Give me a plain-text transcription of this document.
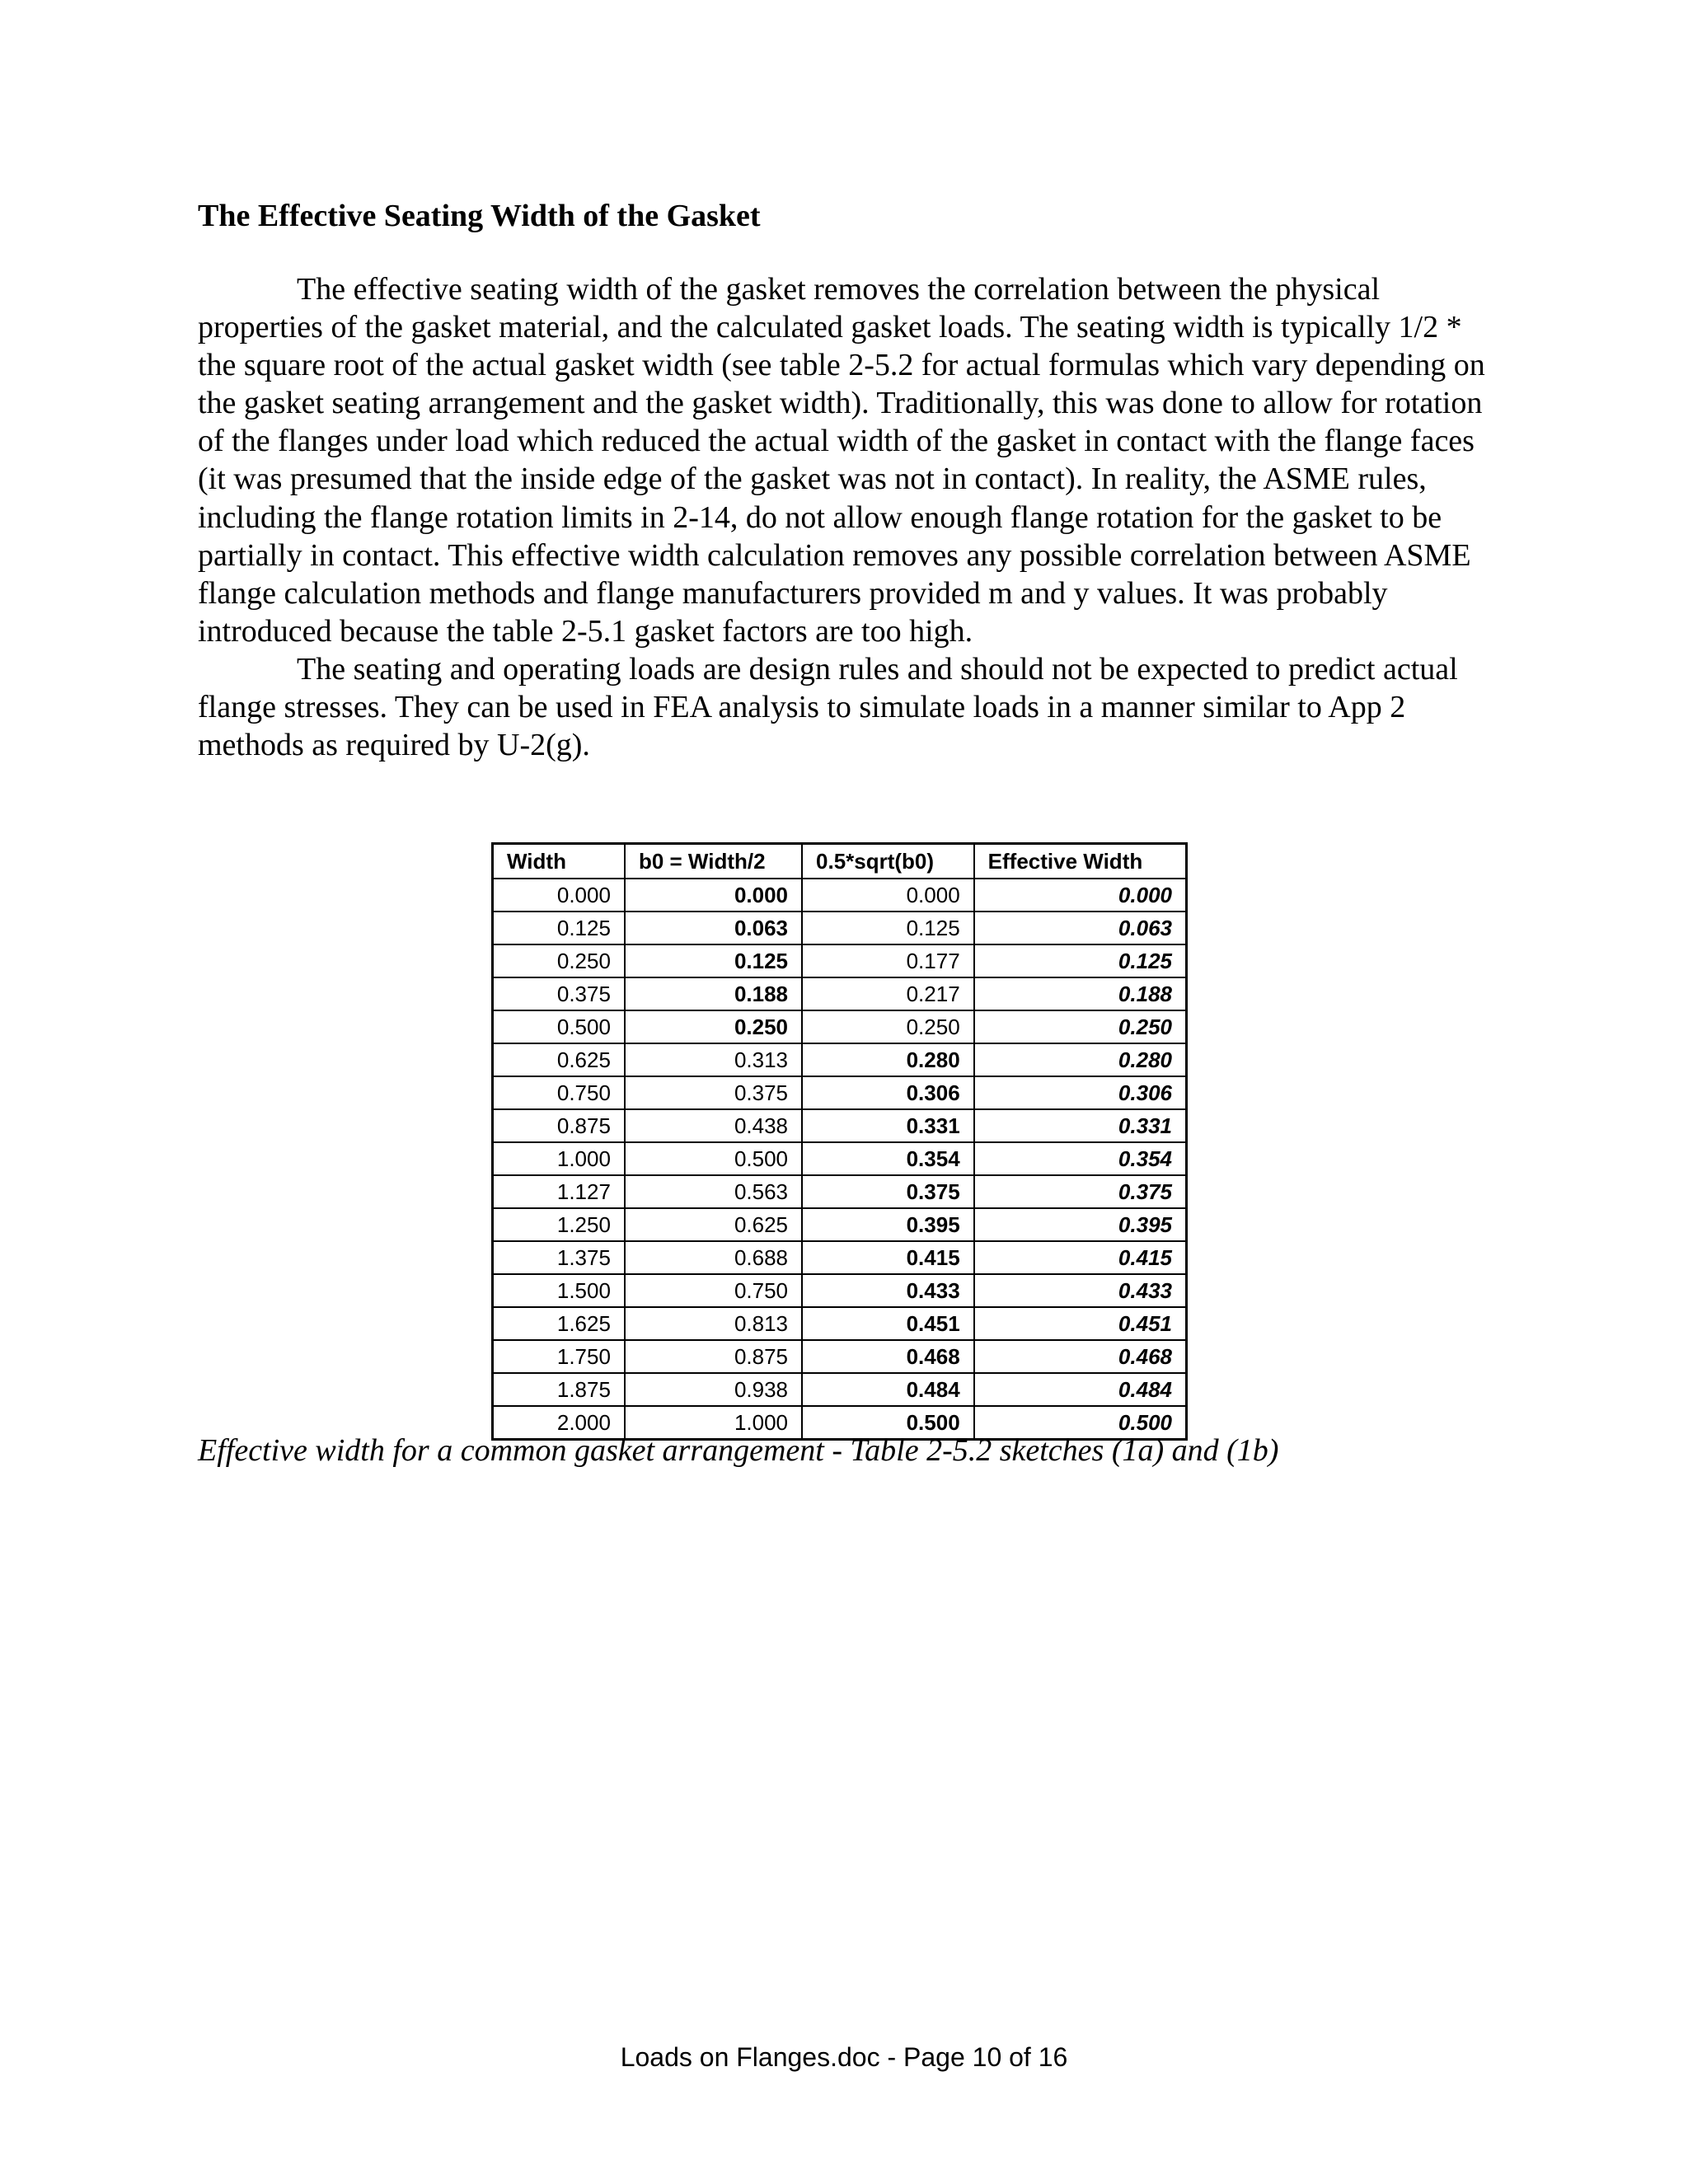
The Effective Seating Width of the Gasket

The effective seating width of the gasket removes the correlation between the physical properties of the gasket material, and the calculated gasket loads. The seating width is typically 1/2 * the square root of the actual gasket width (see table 2-5.2 for actual formulas which vary depending on the gasket seating arrangement and the gasket width). Traditionally, this was done to allow for rotation of the flanges under load which reduced the actual width of the gasket in contact with the flange faces (it was presumed that the inside edge of the gasket was not in contact). In reality, the ASME rules, including the flange rotation limits in 2-14, do not allow enough flange rotation for the gasket to be partially in contact. This effective width calculation removes any possible correlation between ASME flange calculation methods and flange manufacturers provided m and y values. It was probably introduced because the table 2-5.1 gasket factors are too high.

The seating and operating loads are design rules and should not be expected to predict actual flange stresses. They can be used in FEA analysis to simulate loads in a manner similar to App 2 methods as required by U-2(g).

Width	b0 = Width/2	0.5*sqrt(b0)	Effective Width
0.000	0.000	0.000	0.000
0.125	0.063	0.125	0.063
0.250	0.125	0.177	0.125
0.375	0.188	0.217	0.188
0.500	0.250	0.250	0.250
0.625	0.313	0.280	0.280
0.750	0.375	0.306	0.306
0.875	0.438	0.331	0.331
1.000	0.500	0.354	0.354
1.127	0.563	0.375	0.375
1.250	0.625	0.395	0.395
1.375	0.688	0.415	0.415
1.500	0.750	0.433	0.433
1.625	0.813	0.451	0.451
1.750	0.875	0.468	0.468
1.875	0.938	0.484	0.484
2.000	1.000	0.500	0.500

Effective width for a common gasket arrangement - Table 2-5.2 sketches (1a) and (1b)

Loads on Flanges.doc - Page 10 of 16
